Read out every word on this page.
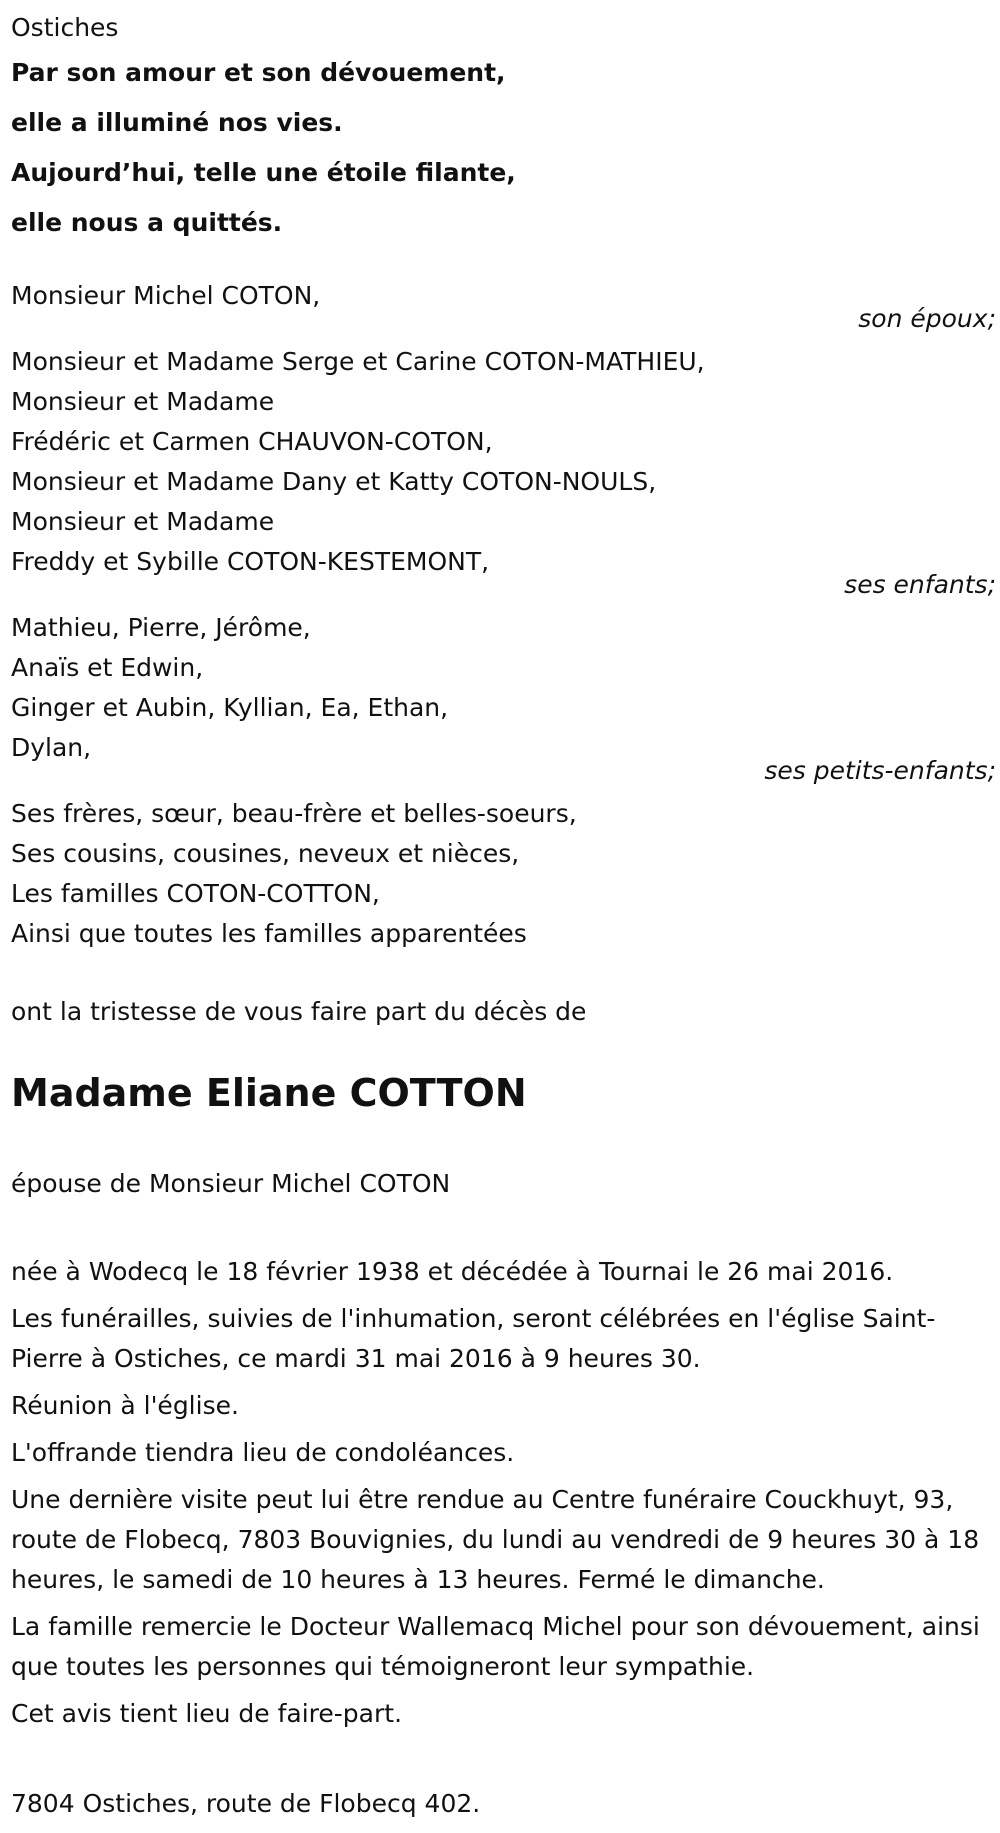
Ostiches
Par son amour et son dévouement,
elle a illuminé nos vies.
Aujourd’hui, telle une étoile filante,
elle nous a quittés.
Monsieur Michel COTON,
son époux;
Monsieur et Madame Serge et Carine COTON-MATHIEU,
Monsieur et Madame
Frédéric et Carmen CHAUVON-COTON,
Monsieur et Madame Dany et Katty COTON-NOULS,
Monsieur et Madame
Freddy et Sybille COTON-KESTEMONT,
ses enfants;
Mathieu, Pierre, Jérôme,
Anaïs et Edwin,
Ginger et Aubin, Kyllian, Ea, Ethan,
Dylan,
ses petits-enfants;
Ses frères, sœur, beau-frère et belles-soeurs,
Ses cousins, cousines, neveux et nièces,
Les familles COTON-COTTON,
Ainsi que toutes les familles apparentées
ont la tristesse de vous faire part du décès de
Madame Eliane COTTON
épouse de Monsieur Michel COTON
née à Wodecq le 18 février 1938 et décédée à Tournai le 26 mai 2016.
Les funérailles, suivies de l'inhumation, seront célébrées en l'église Saint-Pierre à Ostiches, ce mardi 31 mai 2016 à 9 heures 30.
Réunion à l'église.
L'offrande tiendra lieu de condoléances.
Une dernière visite peut lui être rendue au Centre funéraire Couckhuyt, 93, route de Flobecq, 7803 Bouvignies, du lundi au vendredi de 9 heures 30 à 18 heures, le samedi de 10 heures à 13 heures. Fermé le dimanche.
La famille remercie le Docteur Wallemacq Michel pour son dévouement, ainsi que toutes les personnes qui témoigneront leur sympathie.
Cet avis tient lieu de faire-part.
7804 Ostiches, route de Flobecq 402.
